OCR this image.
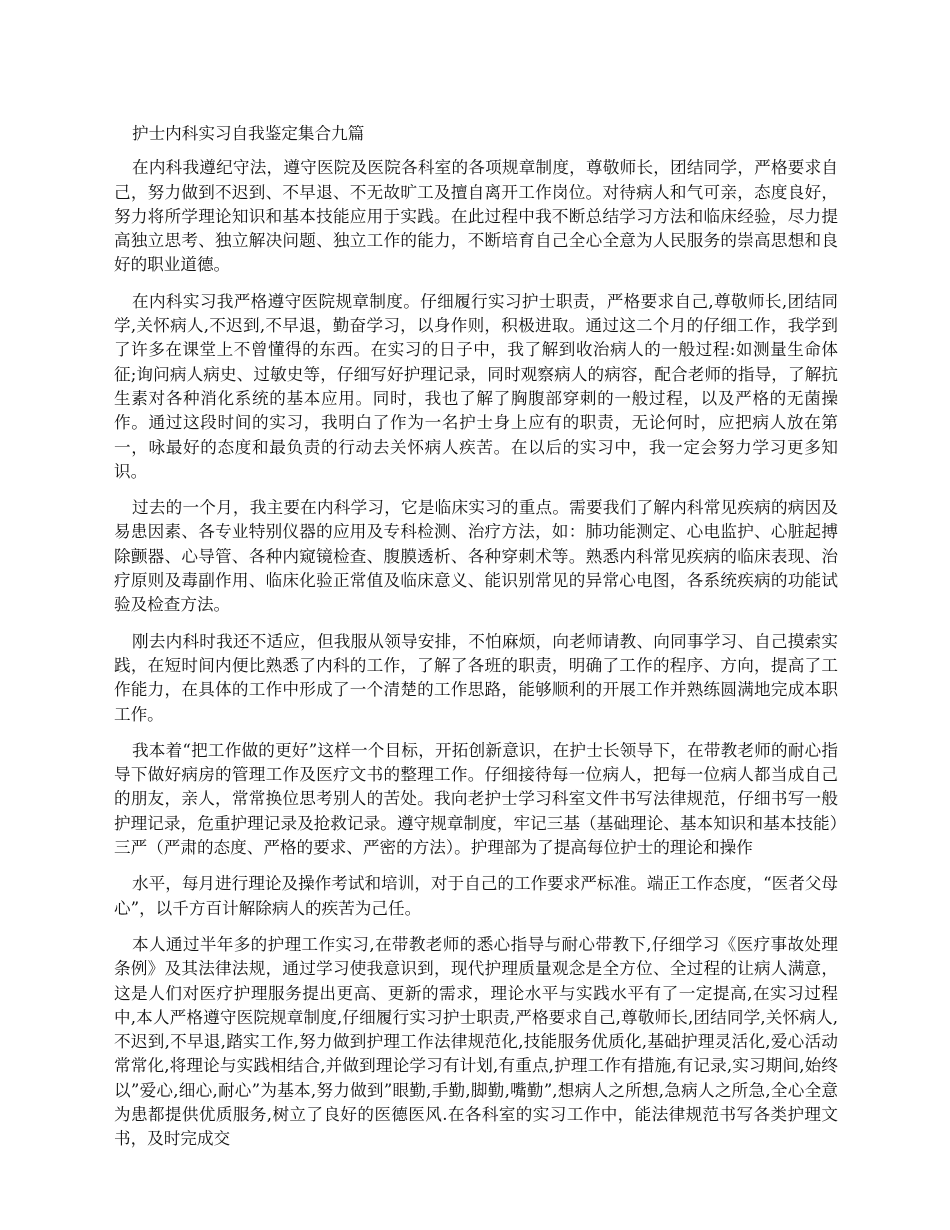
护士内科实习自我鉴定集合九篇

在内科我遵纪守法，遵守医院及医院各科室的各项规章制度，尊敬师长，团结同学，严格要求自己，努力做到不迟到、不早退、不无故旷工及擅自离开工作岗位。对待病人和气可亲，态度良好，努力将所学理论知识和基本技能应用于实践。在此过程中我不断总结学习方法和临床经验，尽力提高独立思考、独立解决问题、独立工作的能力，不断培育自己全心全意为人民服务的崇高思想和良好的职业道德。

在内科实习我严格遵守医院规章制度。仔细履行实习护士职责，严格要求自己,尊敬师长,团结同学,关怀病人,不迟到,不早退，勤奋学习，以身作则，积极进取。通过这二个月的仔细工作，我学到了许多在课堂上不曾懂得的东西。在实习的日子中，我了解到收治病人的一般过程:如测量生命体征;询问病人病史、过敏史等，仔细写好护理记录，同时观察病人的病容，配合老师的指导，了解抗生素对各种消化系统的基本应用。同时，我也了解了胸腹部穿刺的一般过程，以及严格的无菌操作。通过这段时间的实习，我明白了作为一名护士身上应有的职责，无论何时，应把病人放在第一，咏最好的态度和最负责的行动去关怀病人疾苦。在以后的实习中，我一定会努力学习更多知识。

过去的一个月，我主要在内科学习，它是临床实习的重点。需要我们了解内科常见疾病的病因及易患因素、各专业特别仪器的应用及专科检测、治疗方法，如：肺功能测定、心电监护、心脏起搏除颤器、心导管、各种内窥镜检查、腹膜透析、各种穿刺术等。熟悉内科常见疾病的临床表现、治疗原则及毒副作用、临床化验正常值及临床意义、能识别常见的异常心电图，各系统疾病的功能试验及检查方法。

刚去内科时我还不适应，但我服从领导安排，不怕麻烦，向老师请教、向同事学习、自己摸索实践，在短时间内便比熟悉了内科的工作，了解了各班的职责，明确了工作的程序、方向，提高了工作能力，在具体的工作中形成了一个清楚的工作思路，能够顺利的开展工作并熟练圆满地完成本职工作。

我本着“把工作做的更好”这样一个目标，开拓创新意识，在护士长领导下，在带教老师的耐心指导下做好病房的管理工作及医疗文书的整理工作。仔细接待每一位病人，把每一位病人都当成自己的朋友，亲人，常常换位思考别人的苦处。我向老护士学习科室文件书写法律规范，仔细书写一般护理记录，危重护理记录及抢救记录。遵守规章制度，牢记三基（基础理论、基本知识和基本技能）三严（严肃的态度、严格的要求、严密的方法）。护理部为了提高每位护士的理论和操作

水平，每月进行理论及操作考试和培训，对于自己的工作要求严标准。端正工作态度，“医者父母心”，以千方百计解除病人的疾苦为己任。

本人通过半年多的护理工作实习,在带教老师的悉心指导与耐心带教下,仔细学习《医疗事故处理条例》及其法律法规，通过学习使我意识到，现代护理质量观念是全方位、全过程的让病人满意，这是人们对医疗护理服务提出更高、更新的需求，理论水平与实践水平有了一定提高,在实习过程中,本人严格遵守医院规章制度,仔细履行实习护士职责,严格要求自己,尊敬师长,团结同学,关怀病人,不迟到,不早退,踏实工作,努力做到护理工作法律规范化,技能服务优质化,基础护理灵活化,爱心活动常常化,将理论与实践相结合,并做到理论学习有计划,有重点,护理工作有措施,有记录,实习期间,始终以”爱心,细心,耐心”为基本,努力做到”眼勤,手勤,脚勤,嘴勤”,想病人之所想,急病人之所急,全心全意为患都提供优质服务,树立了良好的医德医风.在各科室的实习工作中，能法律规范书写各类护理文书，及时完成交
